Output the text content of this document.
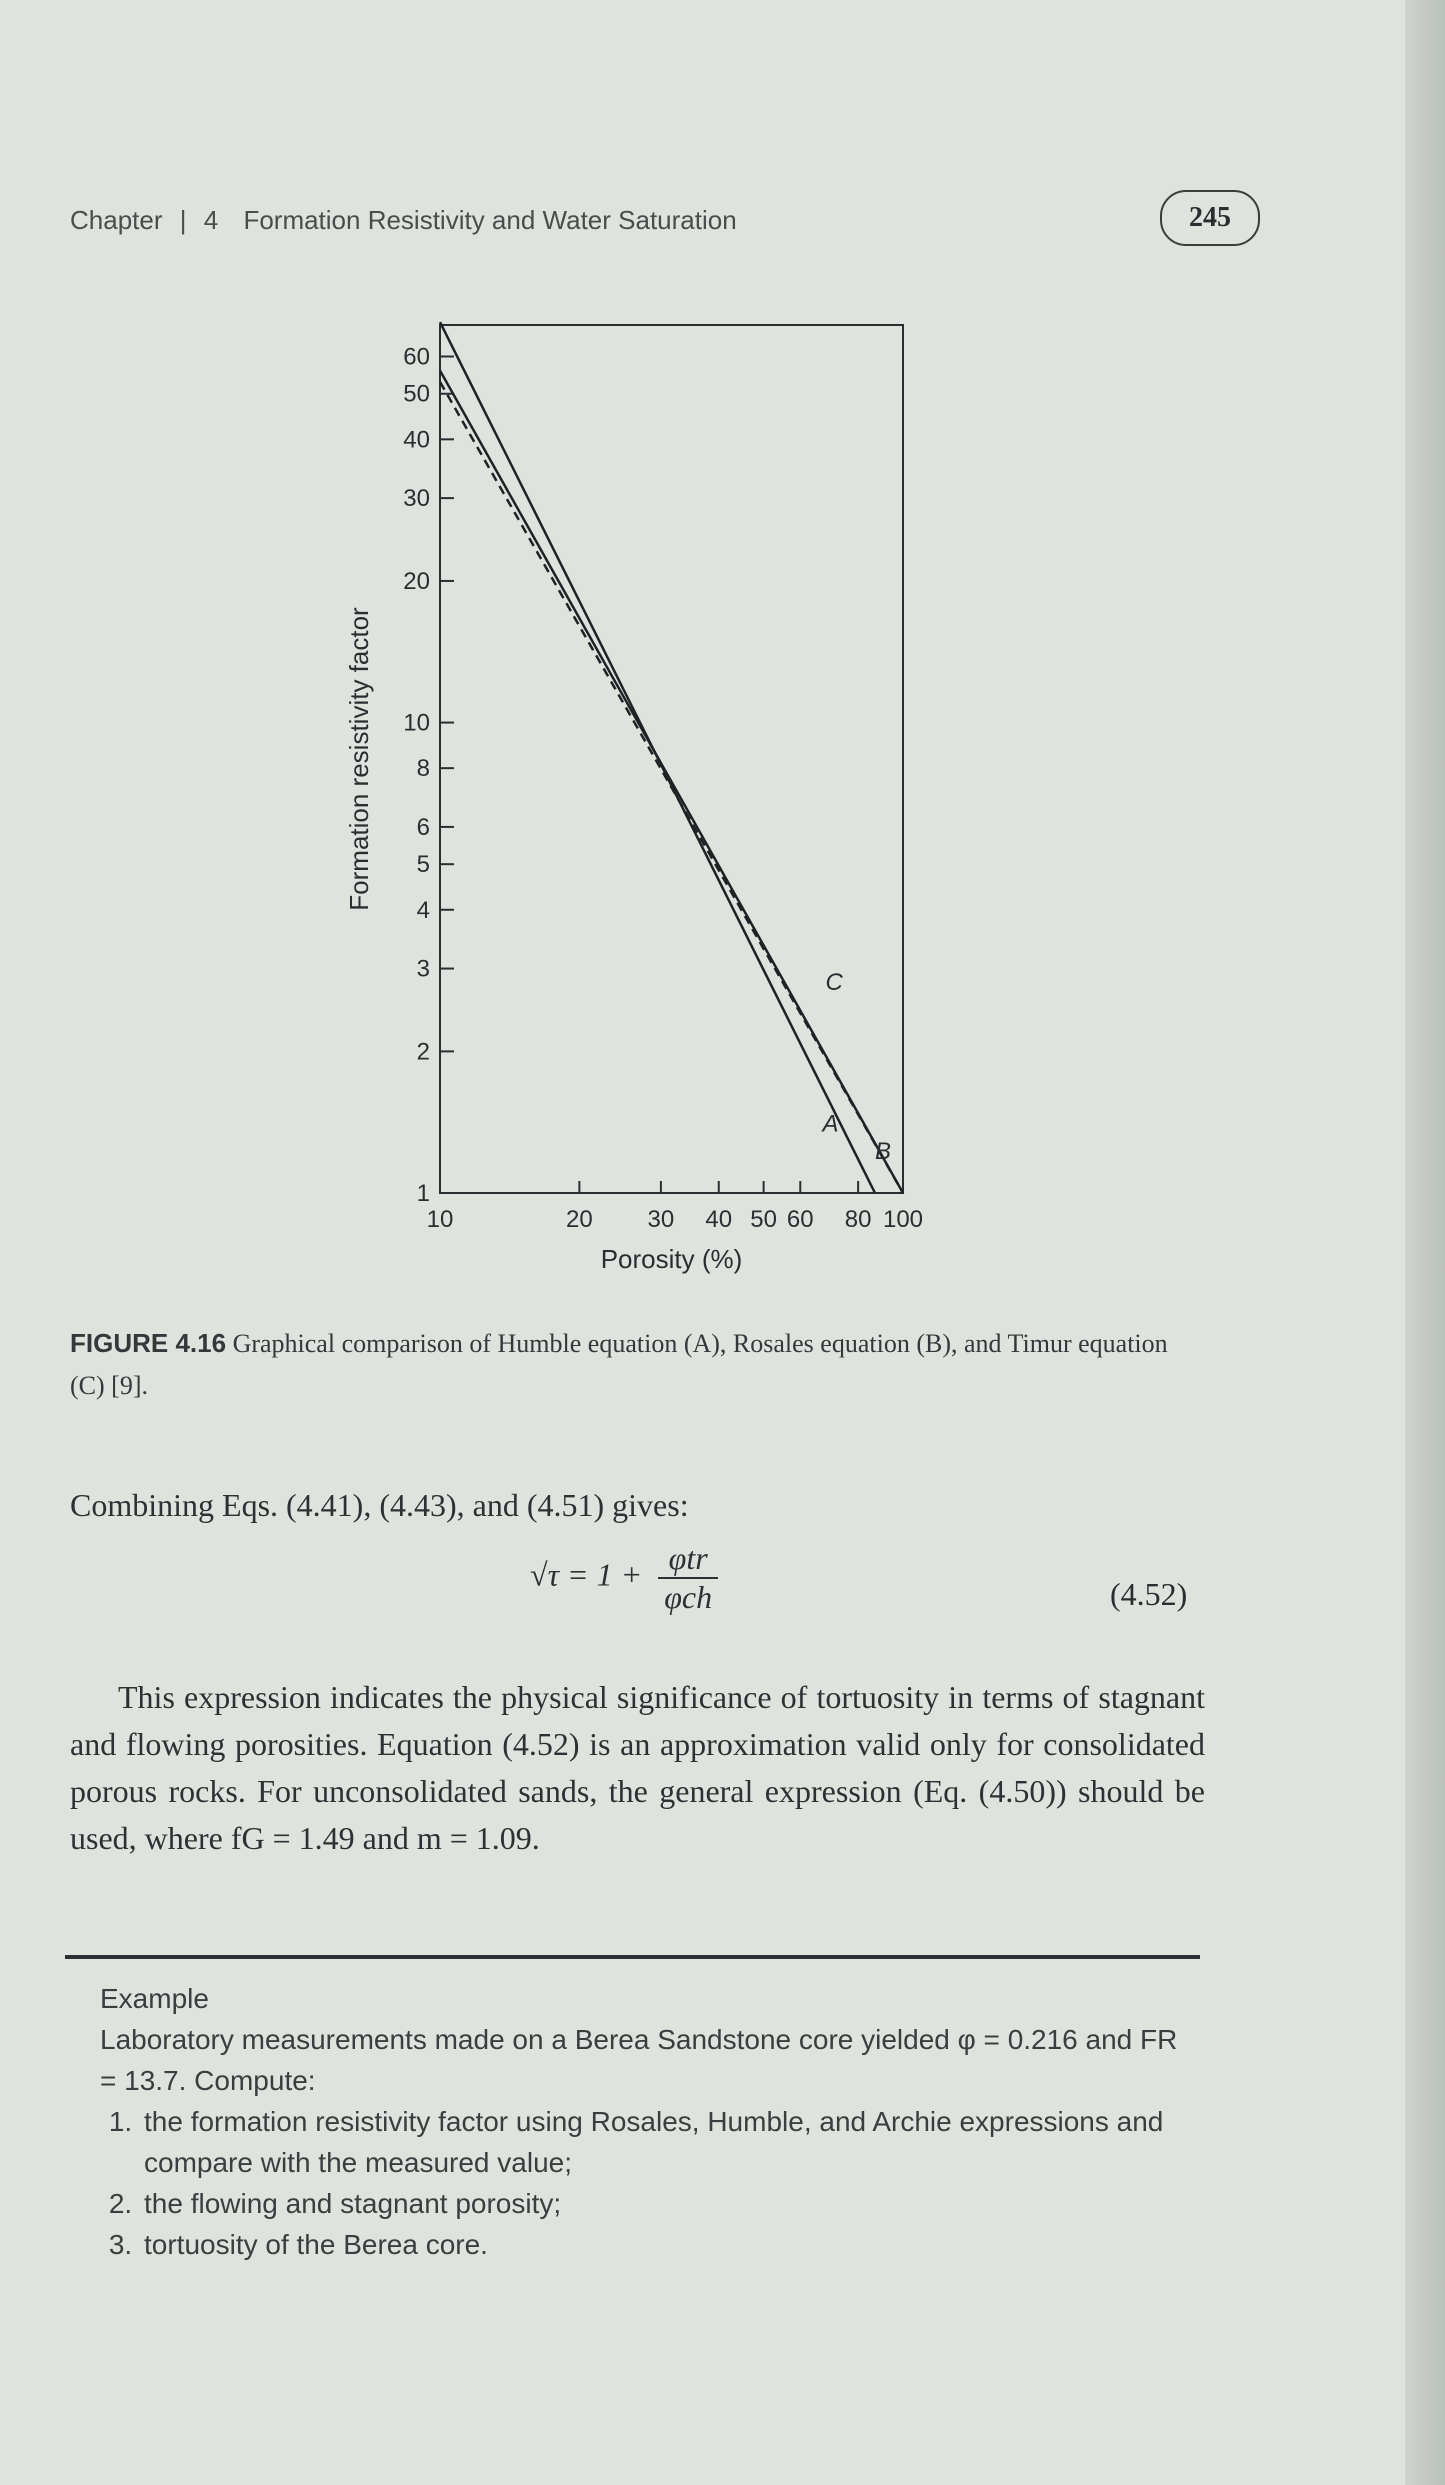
Chapter | 4 Formation Resistivity and Water Saturation	245
1
2
3
4
5
6
8
10
20
30
40
50
60
10	20 30 40 50 60 80 100
Porosity (%)
Formation resistivity factor
A
B
C
FIGURE 4.16 Graphical comparison of Humble equation (A), Rosales equation (B), and Timur equation (C) [9].
Combining Eqs. (4.41), (4.43), and (4.51) gives:
$√\tau = 1 + \frac{\text{φtr}}{\text{φch}}$	(4.52)
This expression indicates the physical significance of tortuosity in terms of stagnant and flowing porosities. Equation (4.52) is an approximation valid only for consolidated porous rocks. For unconsolidated sands, the general expression (Eq. (4.50)) should be used, where fG = 1.49 and m = 1.09.
Example
Laboratory measurements made on a Berea Sandstone core yielded φ = 0.216 and FR = 13.7. Compute:
1. the formation resistivity factor using Rosales, Humble, and Archie expressions and compare with the measured value;
2. the flowing and stagnant porosity;
3. tortuosity of the Berea core.
